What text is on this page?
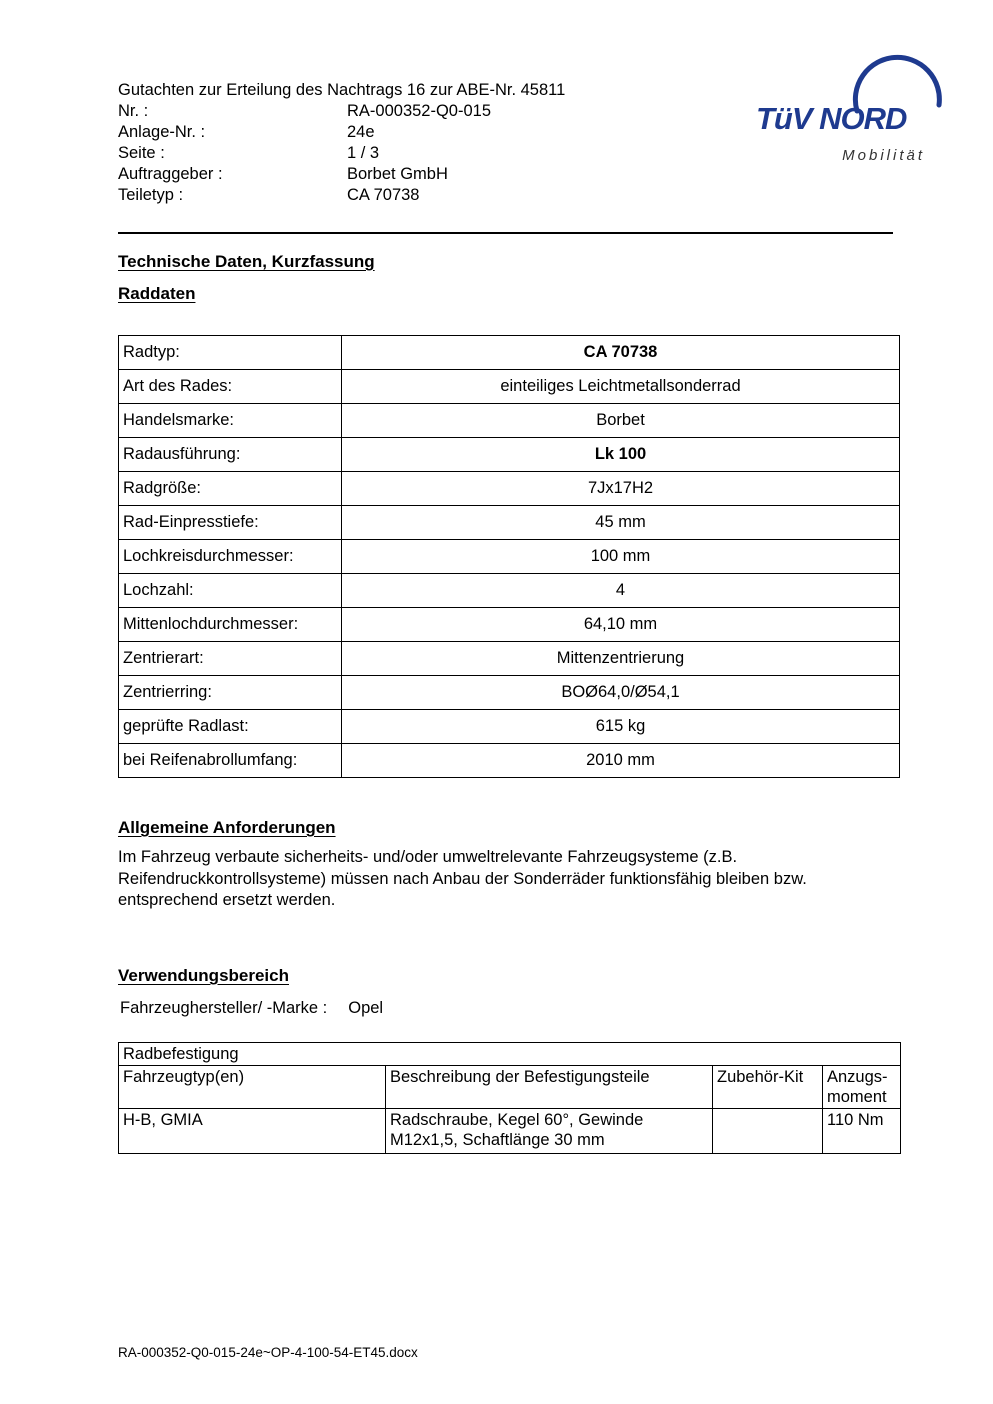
Gutachten zur Erteilung des Nachtrags 16 zur ABE-Nr. 45811
Nr. :	RA-000352-Q0-015
Anlage-Nr. :	24e
Seite :	1 / 3
Auftraggeber :	Borbet GmbH
Teiletyp :	CA 70738
TüV NORD
Mobilität
Technische Daten, Kurzfassung
Raddaten
Radtyp:	CA 70738
Art des Rades:	einteiliges Leichtmetallsonderrad
Handelsmarke:	Borbet
Radausführung:	Lk 100
Radgröße:	7Jx17H2
Rad-Einpresstiefe:	45 mm
Lochkreisdurchmesser:	100 mm
Lochzahl:	4
Mittenlochdurchmesser:	64,10 mm
Zentrierart:	Mittenzentrierung
Zentrierring:	BOØ64,0/Ø54,1
geprüfte Radlast:	615 kg
bei Reifenabrollumfang:	2010 mm
Allgemeine Anforderungen
Im Fahrzeug verbaute sicherheits- und/oder umweltrelevante Fahrzeugsysteme (z.B. Reifendruckkontrollsysteme) müssen nach Anbau der Sonderräder funktionsfähig bleiben bzw. entsprechend ersetzt werden.
Verwendungsbereich
Fahrzeughersteller/ -Marke : Opel
Radbefestigung			
Fahrzeugtyp(en)	Beschreibung der Befestigungsteile	Zubehör-Kit	Anzugs-moment
H-B, GMIA	Radschraube, Kegel 60°, Gewinde M12x1,5, Schaftlänge 30 mm		110 Nm
RA-000352-Q0-015-24e~OP-4-100-54-ET45.docx
